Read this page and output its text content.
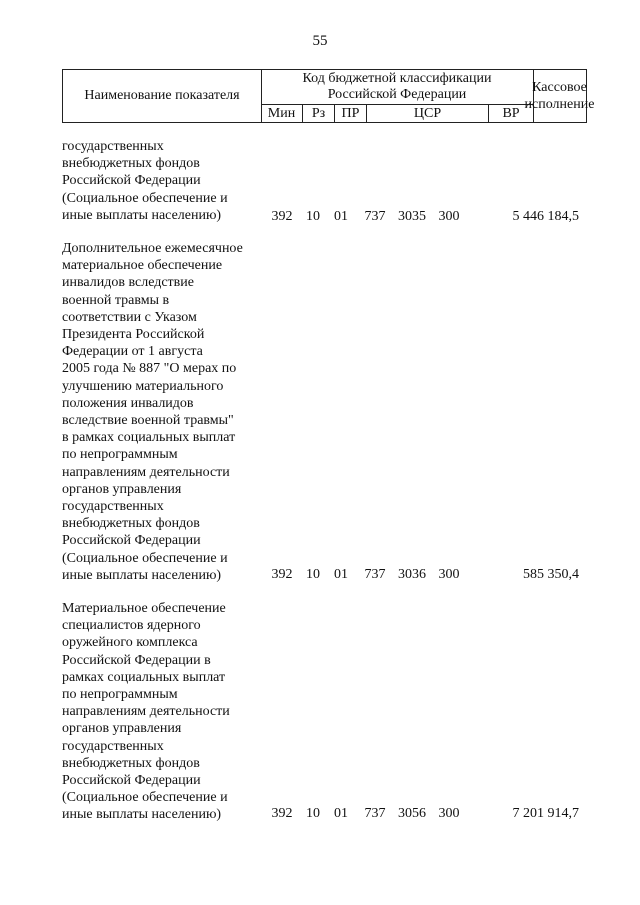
55
Наименование показателя
Код бюджетной классификации
Российской Федерации
Мин	Рз	ПР	ЦСР	ВР
Кассовое
исполнение
государственных
внебюджетных фондов
Российской Федерации
(Социальное обеспечение и
иные выплаты населению)	392 10 01	737 3035 300	5 446 184,5
Дополнительное ежемесячное
материальное обеспечение
инвалидов вследствие
военной травмы в
соответствии с Указом
Президента Российской
Федерации от 1 августа
2005 года № 887 "О мерах по
улучшению материального
положения инвалидов
вследствие военной травмы"
в рамках социальных выплат
по непрограммным
направлениям деятельности
органов управления
государственных
внебюджетных фондов
Российской Федерации
(Социальное обеспечение и
иные выплаты населению)	392 10 01	737 3036 300	585 350,4
Материальное обеспечение
специалистов ядерного
оружейного комплекса
Российской Федерации в
рамках социальных выплат
по непрограммным
направлениям деятельности
органов управления
государственных
внебюджетных фондов
Российской Федерации
(Социальное обеспечение и
иные выплаты населению)	392 10 01	737 3056 300	7 201 914,7
